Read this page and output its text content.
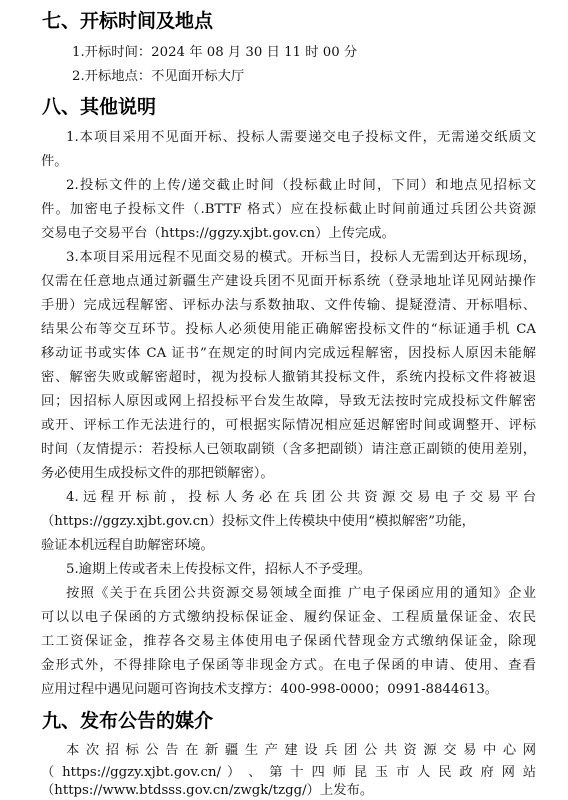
七、开标时间及地点
1.开标时间：2024 年 08 月 30 日 11 时 00 分
2.开标地点：不见面开标大厅
八、其他说明
1.本项目采用不见面开标、投标人需要递交电子投标文件，无需递交纸质文
件。
2.投标文件的上传/递交截止时间（投标截止时间，下同）和地点见招标文
件。加密电子投标文件（.BTTF 格式）应在投标截止时间前通过兵团公共资源
交易电子交易平台（https://ggzy.xjbt.gov.cn）上传完成。
3.本项目采用远程不见面交易的模式。开标当日，投标人无需到达开标现场，
仅需在任意地点通过新疆生产建设兵团不见面开标系统（登录地址详见网站操作
手册）完成远程解密、评标办法与系数抽取、文件传输、提疑澄清、开标唱标、
结果公布等交互环节。投标人必须使用能正确解密投标文件的“标证通手机 CA
移动证书或实体 CA 证书”在规定的时间内完成远程解密，因投标人原因未能解
密、解密失败或解密超时，视为投标人撤销其投标文件，系统内投标文件将被退
回；因招标人原因或网上招投标平台发生故障，导致无法按时完成投标文件解密
或开、评标工作无法进行的，可根据实际情况相应延迟解密时间或调整开、评标
时间（友情提示：若投标人已领取副锁（含多把副锁）请注意正副锁的使用差别，
务必使用生成投标文件的那把锁解密）。
4.远程开标前，投标人务必在兵团公共资源交易电子交易平台
（https://ggzy.xjbt.gov.cn）投标文件上传模块中使用“模拟解密”功能，
验证本机远程自助解密环境。
5.逾期上传或者未上传投标文件，招标人不予受理。
按照《关于在兵团公共资源交易领域全面推 广电子保函应用的通知》企业
可以以电子保函的方式缴纳投标保证金、履约保证金、工程质量保证金、农民
工工资保证金，推荐各交易主体使用电子保函代替现金方式缴纳保证金，除现
金形式外，不得排除电子保函等非现金方式。在电子保函的申请、使用、查看
应用过程中遇见问题可咨询技术支撑方：400-998-0000；0991-8844613。
九、发布公告的媒介
本次招标公告在新疆生产建设兵团公共资源交易中心网
（ https://ggzy.xjbt.gov.cn/ ） 、 第 十 四 师 昆 玉 市 人 民 政 府 网 站
（https://www.btdsss.gov.cn/zwgk/tzgg/）上发布。
